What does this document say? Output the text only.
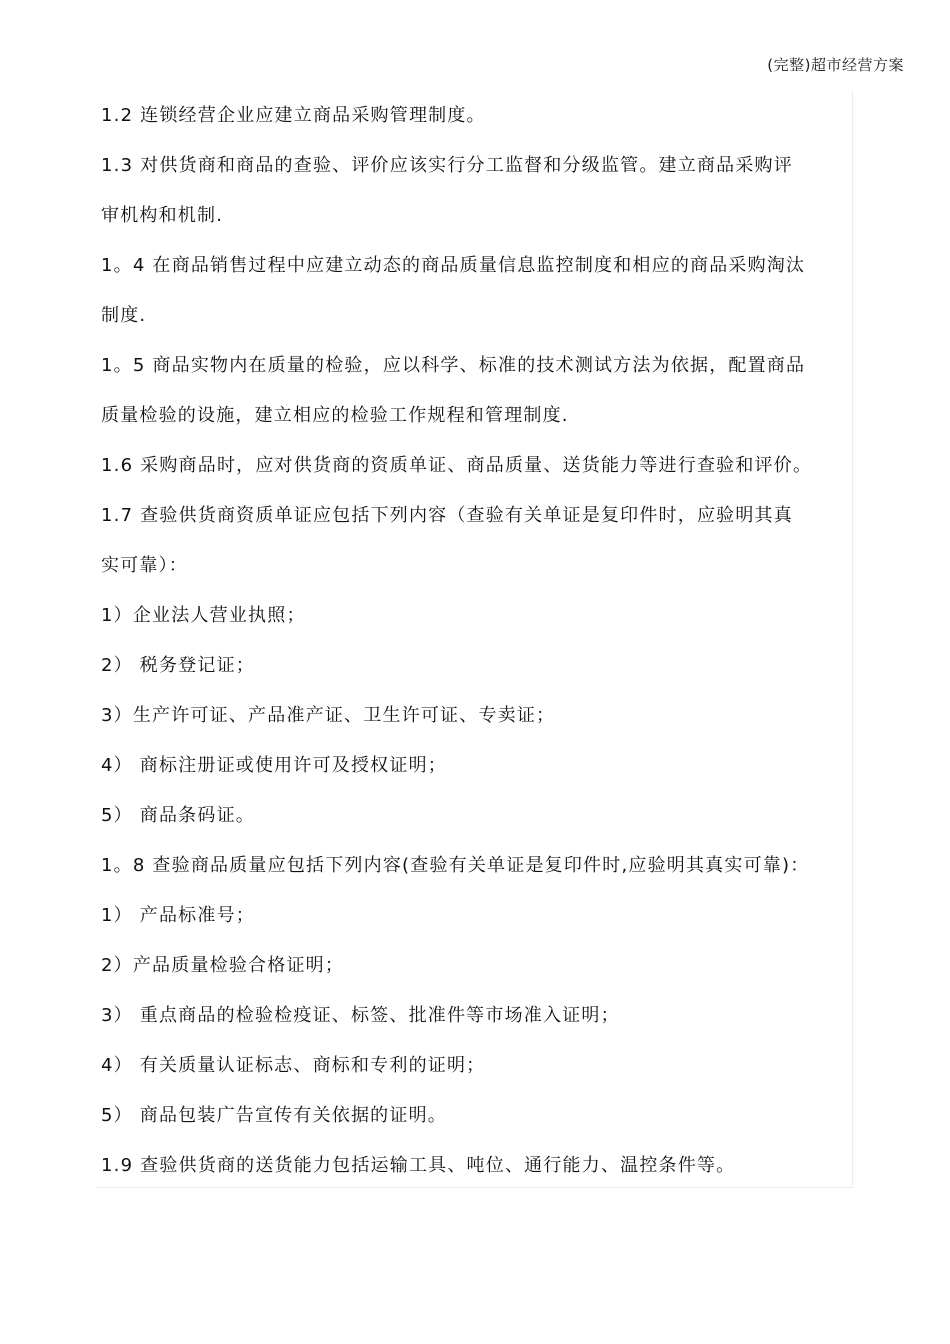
(完整)超市经营方案
1.2 连锁经营企业应建立商品采购管理制度。
1.3 对供货商和商品的查验、评价应该实行分工监督和分级监管。建立商品采购评
审机构和机制.
1。4 在商品销售过程中应建立动态的商品质量信息监控制度和相应的商品采购淘汰
制度.
1。5 商品实物内在质量的检验，应以科学、标准的技术测试方法为依据，配置商品
质量检验的设施，建立相应的检验工作规程和管理制度.
1.6 采购商品时，应对供货商的资质单证、商品质量、送货能力等进行查验和评价。
1.7 查验供货商资质单证应包括下列内容（查验有关单证是复印件时，应验明其真
实可靠）：
1）企业法人营业执照；
2） 税务登记证；
3）生产许可证、产品准产证、卫生许可证、专卖证；
4） 商标注册证或使用许可及授权证明；
5） 商品条码证。
1。8 查验商品质量应包括下列内容(查验有关单证是复印件时,应验明其真实可靠)：
1） 产品标准号；
2）产品质量检验合格证明；
3） 重点商品的检验检疫证、标签、批准件等市场准入证明；
4） 有关质量认证标志、商标和专利的证明；
5） 商品包装广告宣传有关依据的证明。
1.9 查验供货商的送货能力包括运输工具、吨位、通行能力、温控条件等。
